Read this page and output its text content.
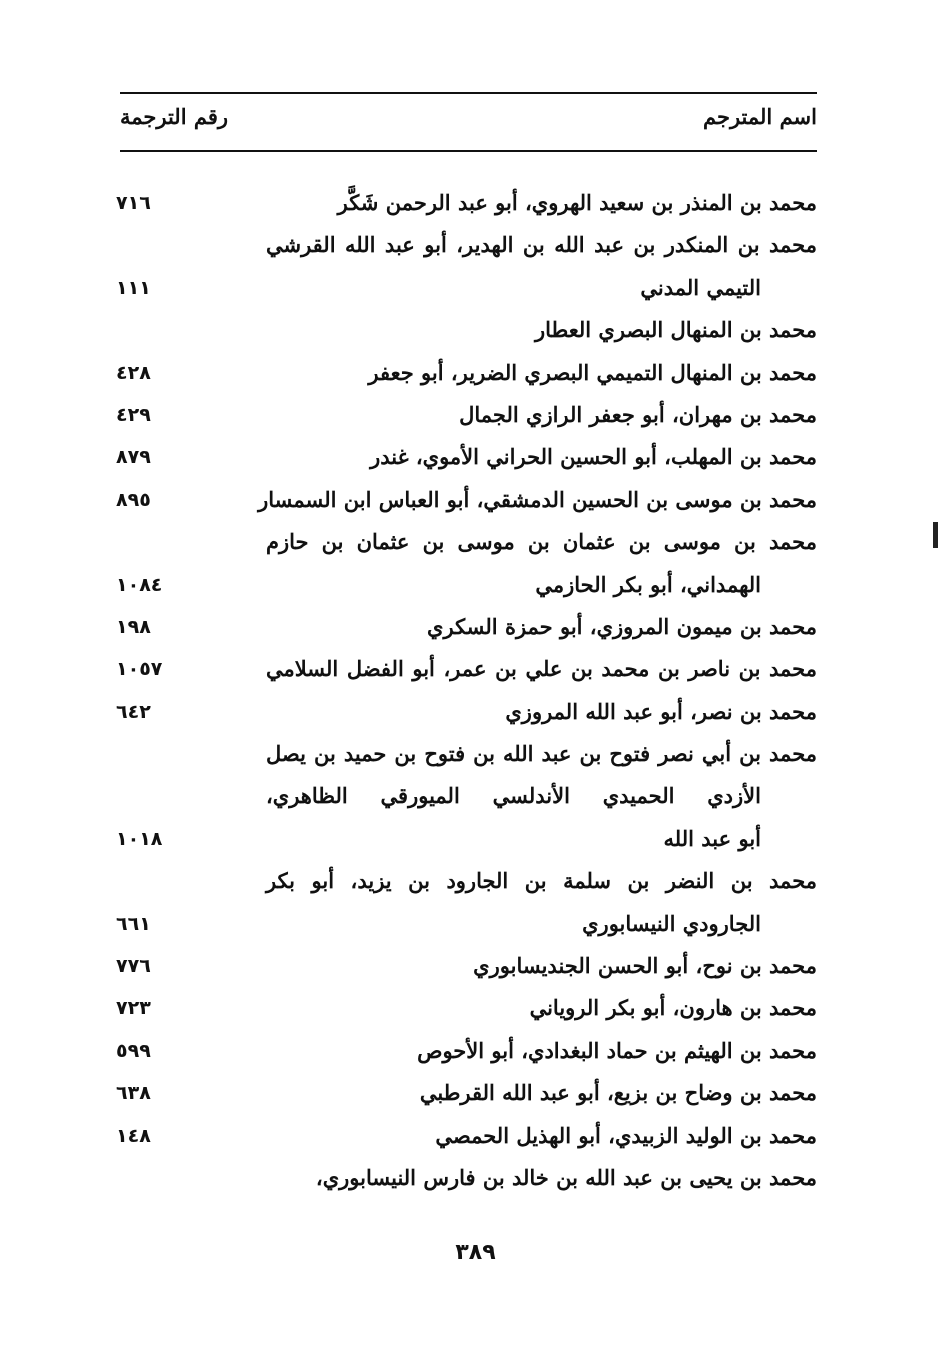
اسم المترجم
رقم الترجمة
محمد بن المنذر بن سعيد الهروي، أبو عبد الرحمن شَكَّر
٧١٦
محمد بن المنكدر بن عبد الله بن الهدير، أبو عبد الله القرشي
التيمي المدني
١١١
محمد بن المنهال البصري العطار
محمد بن المنهال التميمي البصري الضرير، أبو جعفر
٤٢٨
محمد بن مهران، أبو جعفر الرازي الجمال
٤٢٩
محمد بن المهلب، أبو الحسين الحراني الأموي، غندر
٨٧٩
محمد بن موسى بن الحسين الدمشقي، أبو العباس ابن السمسار
٨٩٥
محمد بن موسى بن عثمان بن موسى بن عثمان بن حازم
الهمداني، أبو بكر الحازمي
١٠٨٤
محمد بن ميمون المروزي، أبو حمزة السكري
١٩٨
محمد بن ناصر بن محمد بن علي بن عمر، أبو الفضل السلامي
١٠٥٧
محمد بن نصر، أبو عبد الله المروزي
٦٤٢
محمد بن أبي نصر فتوح بن عبد الله بن فتوح بن حميد بن يصل
الأزدي الحميدي الأندلسي الميورقي الظاهري،
أبو عبد الله
١٠١٨
محمد بن النضر بن سلمة بن الجارود بن يزيد، أبو بكر
الجارودي النيسابوري
٦٦١
محمد بن نوح، أبو الحسن الجنديسابوري
٧٧٦
محمد بن هارون، أبو بكر الروياني
٧٢٣
محمد بن الهيثم بن حماد البغدادي، أبو الأحوص
٥٩٩
محمد بن وضاح بن بزيع، أبو عبد الله القرطبي
٦٣٨
محمد بن الوليد الزبيدي، أبو الهذيل الحمصي
١٤٨
محمد بن يحيى بن عبد الله بن خالد بن فارس النيسابوري،
٣٨٩
